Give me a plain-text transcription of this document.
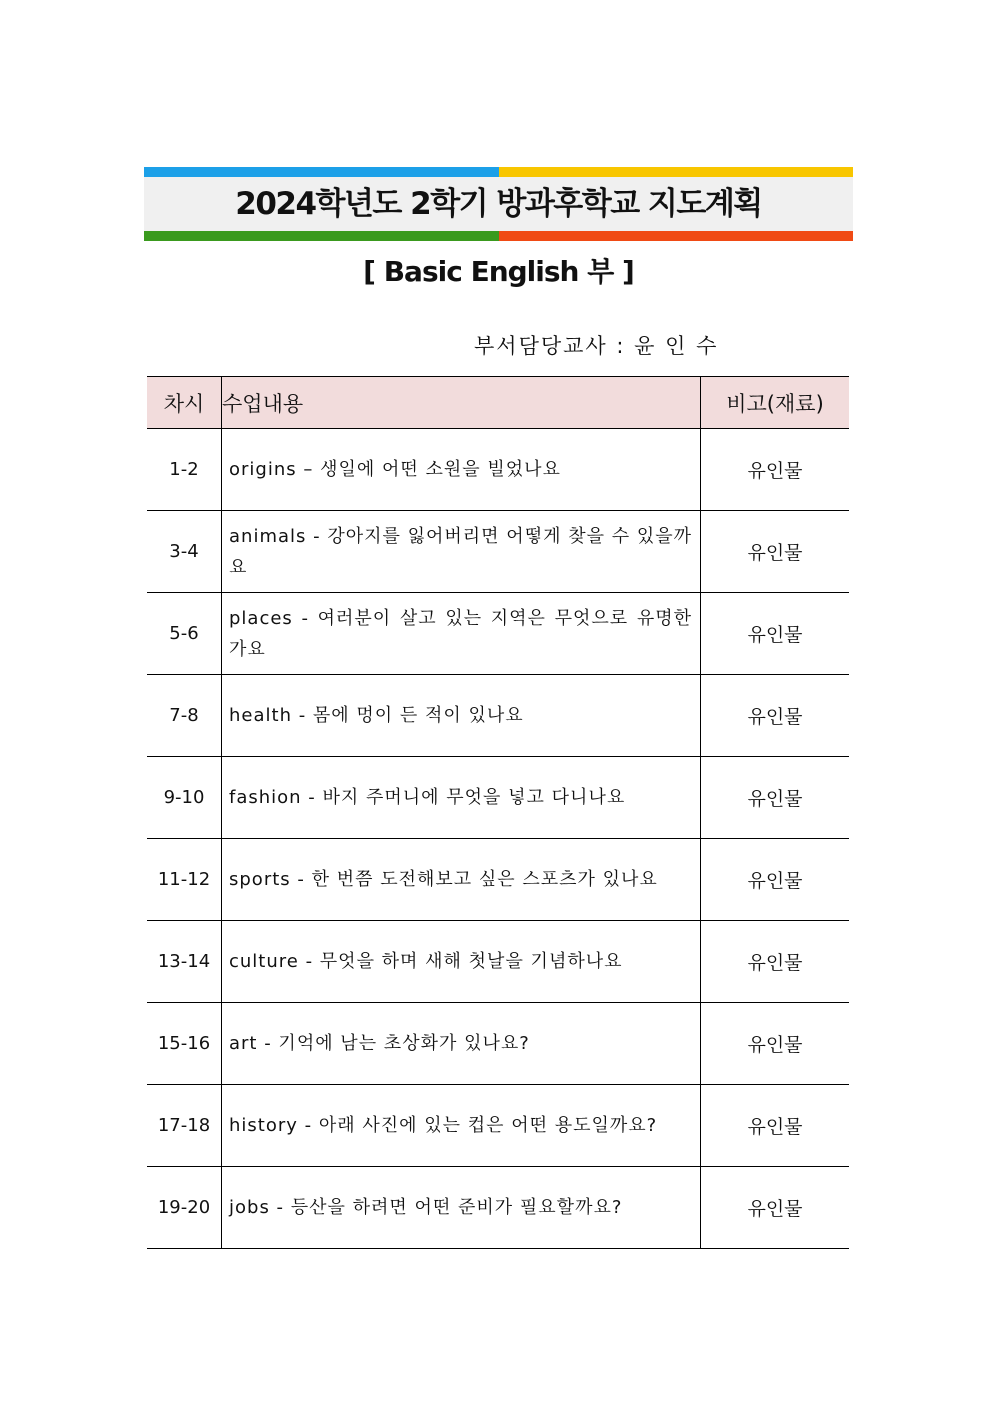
2024학년도 2학기 방과후학교 지도계획
[ Basic English 부 ]
부서담당교사 : 윤 인 수
차시	수업내용	비고(재료)
1-2	origins – 생일에 어떤 소원을 빌었나요	유인물
3-4	animals - 강아지를 잃어버리면 어떻게 찾을 수 있을까요	유인물
5-6	places - 여러분이 살고 있는 지역은 무엇으로 유명한가요	유인물
7-8	health - 몸에 멍이 든 적이 있나요	유인물
9-10	fashion - 바지 주머니에 무엇을 넣고 다니나요	유인물
11-12	sports - 한 번쯤 도전해보고 싶은 스포츠가 있나요	유인물
13-14	culture - 무엇을 하며 새해 첫날을 기념하나요	유인물
15-16	art - 기억에 남는 초상화가 있나요?	유인물
17-18	history - 아래 사진에 있는 컵은 어떤 용도일까요?	유인물
19-20	jobs - 등산을 하려면 어떤 준비가 필요할까요?	유인물
